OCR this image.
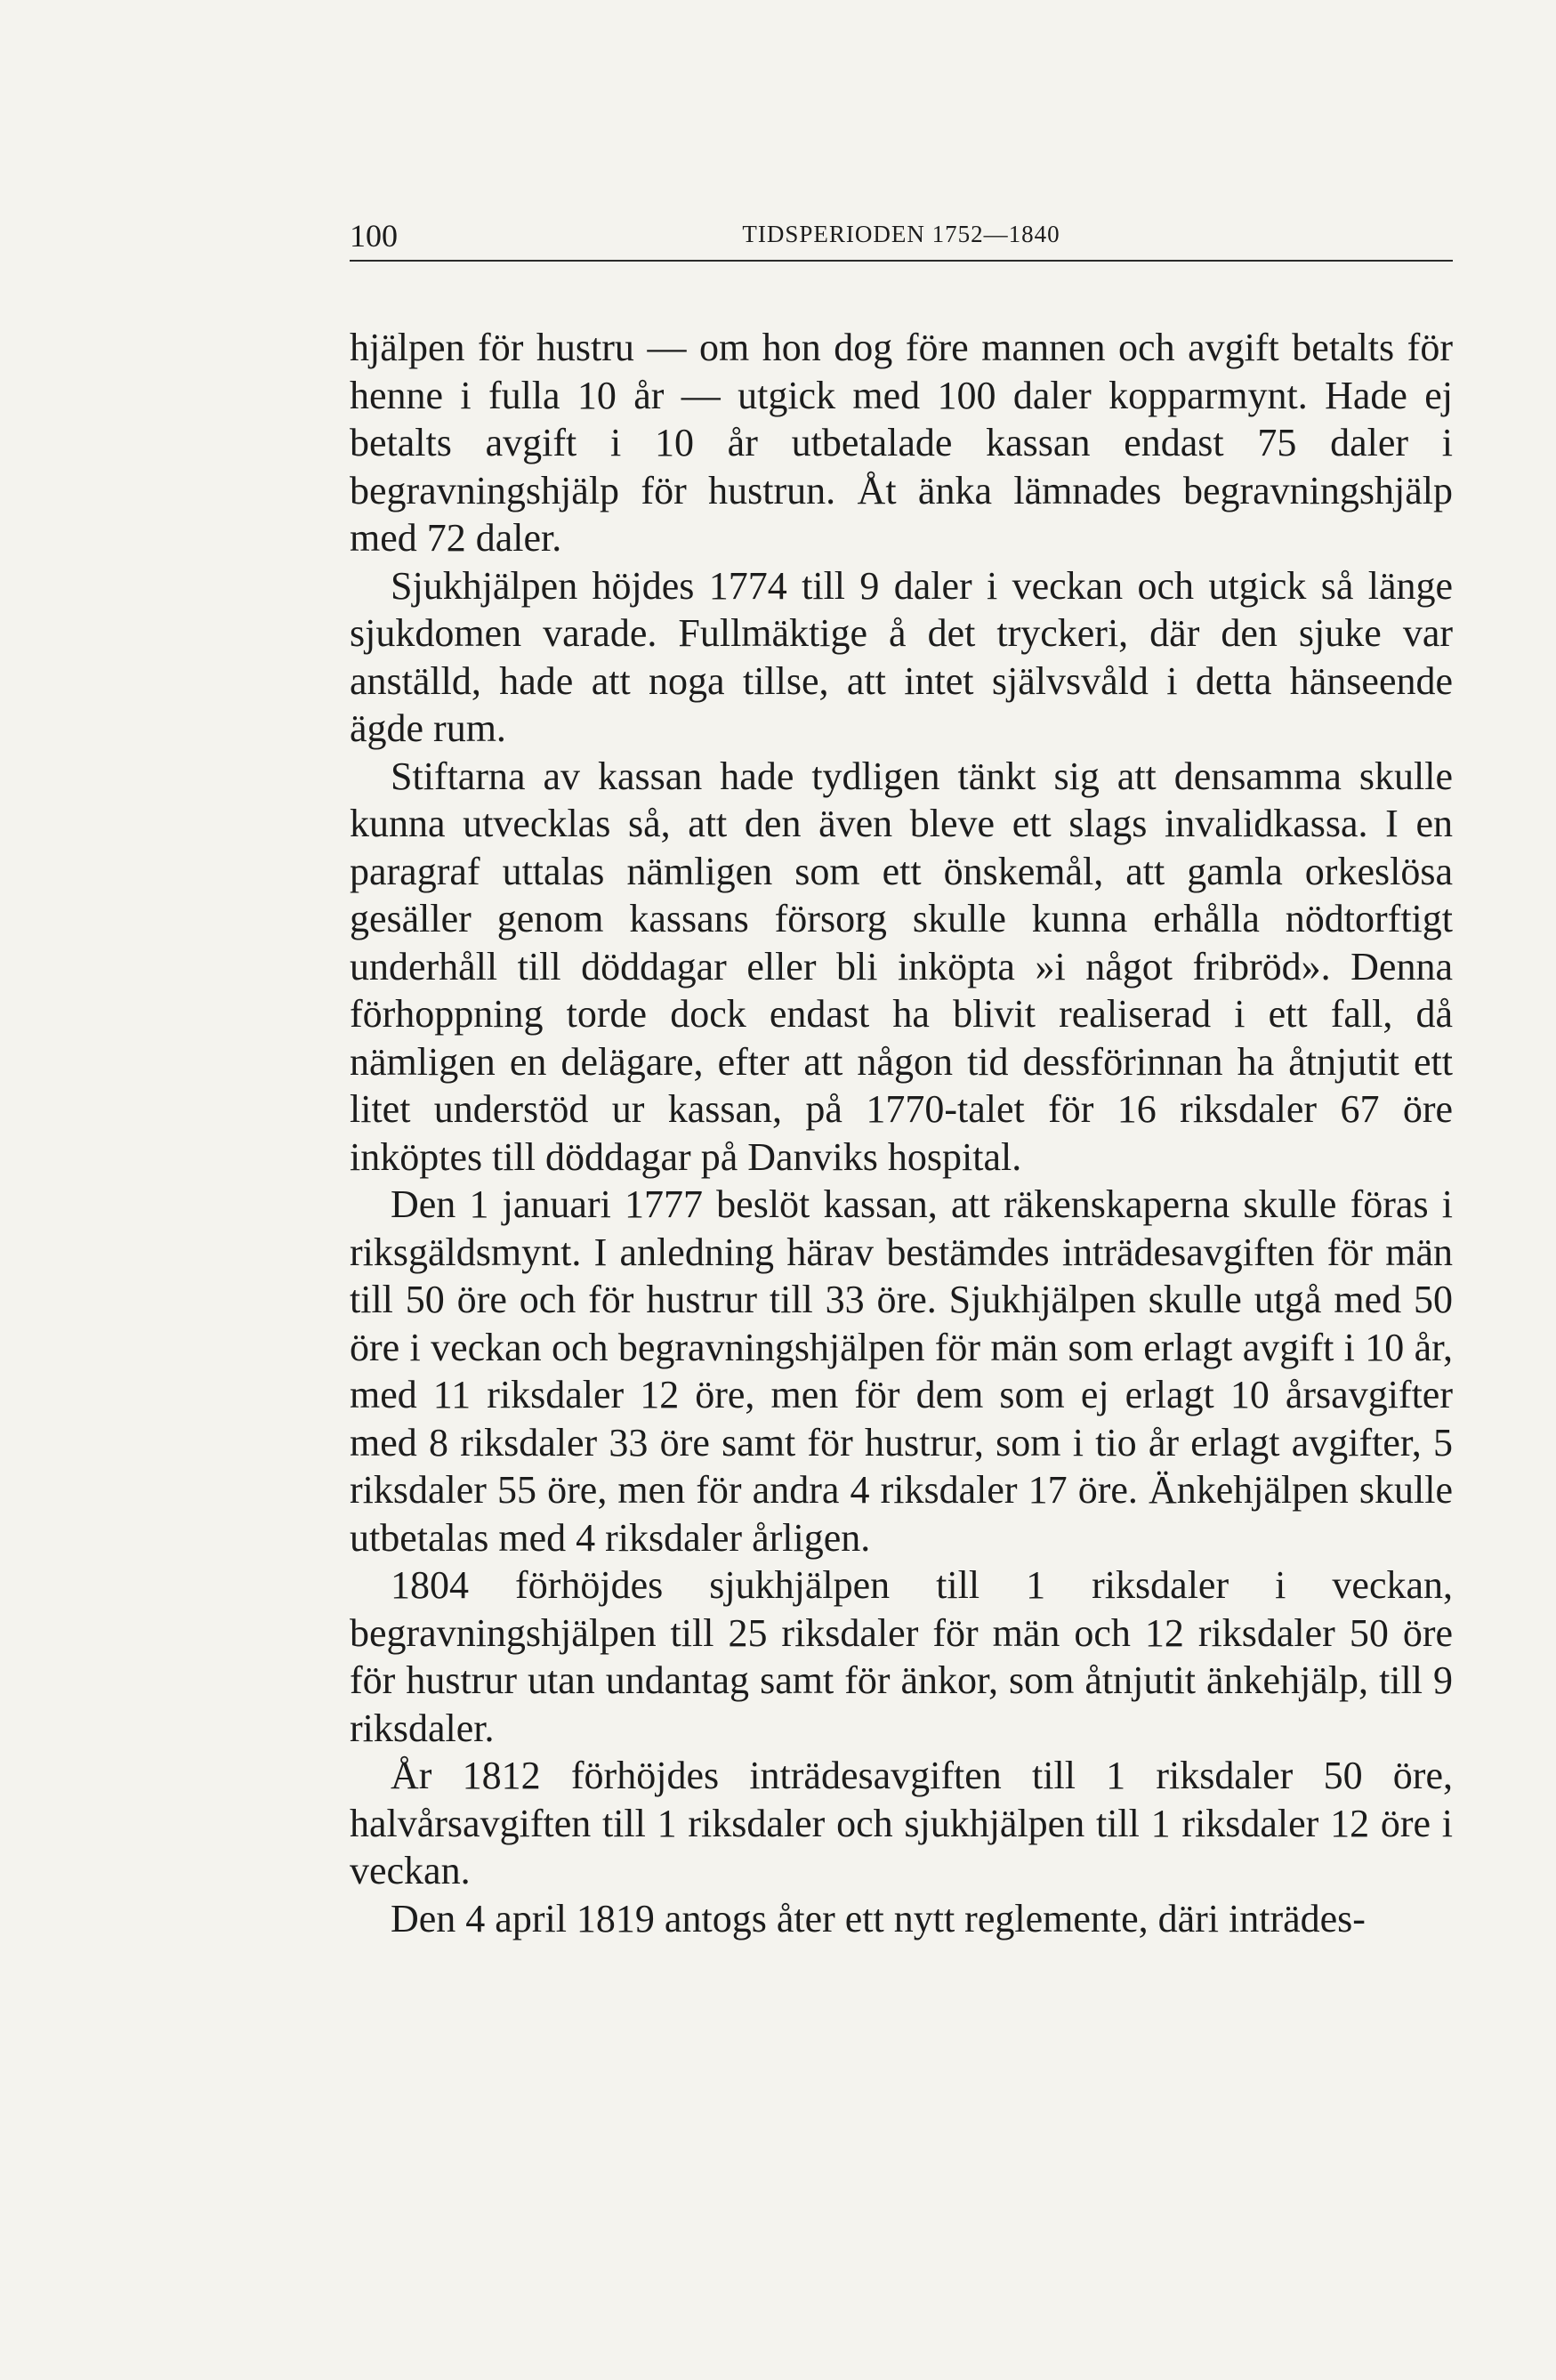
100	TIDSPERIODEN 1752—1840

hjälpen för hustru — om hon dog före mannen och avgift betalts för henne i fulla 10 år — utgick med 100 daler kopparmynt. Hade ej betalts avgift i 10 år utbetalade kassan endast 75 daler i begravningshjälp för hustrun. Åt änka lämnades begravningshjälp med 72 daler.

Sjukhjälpen höjdes 1774 till 9 daler i veckan och utgick så länge sjukdomen varade. Fullmäktige å det tryckeri, där den sjuke var anställd, hade att noga tillse, att intet självsvåld i detta hänseende ägde rum.

Stiftarna av kassan hade tydligen tänkt sig att densamma skulle kunna utvecklas så, att den även bleve ett slags invalidkassa. I en paragraf uttalas nämligen som ett önskemål, att gamla orkeslösa gesäller genom kassans försorg skulle kunna erhålla nödtorftigt underhåll till döddagar eller bli inköpta »i något fribröd». Denna förhoppning torde dock endast ha blivit realiserad i ett fall, då nämligen en delägare, efter att någon tid dessförinnan ha åtnjutit ett litet understöd ur kassan, på 1770-talet för 16 riksdaler 67 öre inköptes till döddagar på Danviks hospital.

Den 1 januari 1777 beslöt kassan, att räkenskaperna skulle föras i riksgäldsmynt. I anledning härav bestämdes inträdesavgiften för män till 50 öre och för hustrur till 33 öre. Sjukhjälpen skulle utgå med 50 öre i veckan och begravningshjälpen för män som erlagt avgift i 10 år, med 11 riksdaler 12 öre, men för dem som ej erlagt 10 årsavgifter med 8 riksdaler 33 öre samt för hustrur, som i tio år erlagt avgifter, 5 riksdaler 55 öre, men för andra 4 riksdaler 17 öre. Änkehjälpen skulle utbetalas med 4 riksdaler årligen.

1804 förhöjdes sjukhjälpen till 1 riksdaler i veckan, begravningshjälpen till 25 riksdaler för män och 12 riksdaler 50 öre för hustrur utan undantag samt för änkor, som åtnjutit änkehjälp, till 9 riksdaler.

År 1812 förhöjdes inträdesavgiften till 1 riksdaler 50 öre, halvårsavgiften till 1 riksdaler och sjukhjälpen till 1 riksdaler 12 öre i veckan.

Den 4 april 1819 antogs åter ett nytt reglemente, däri inträdes-
